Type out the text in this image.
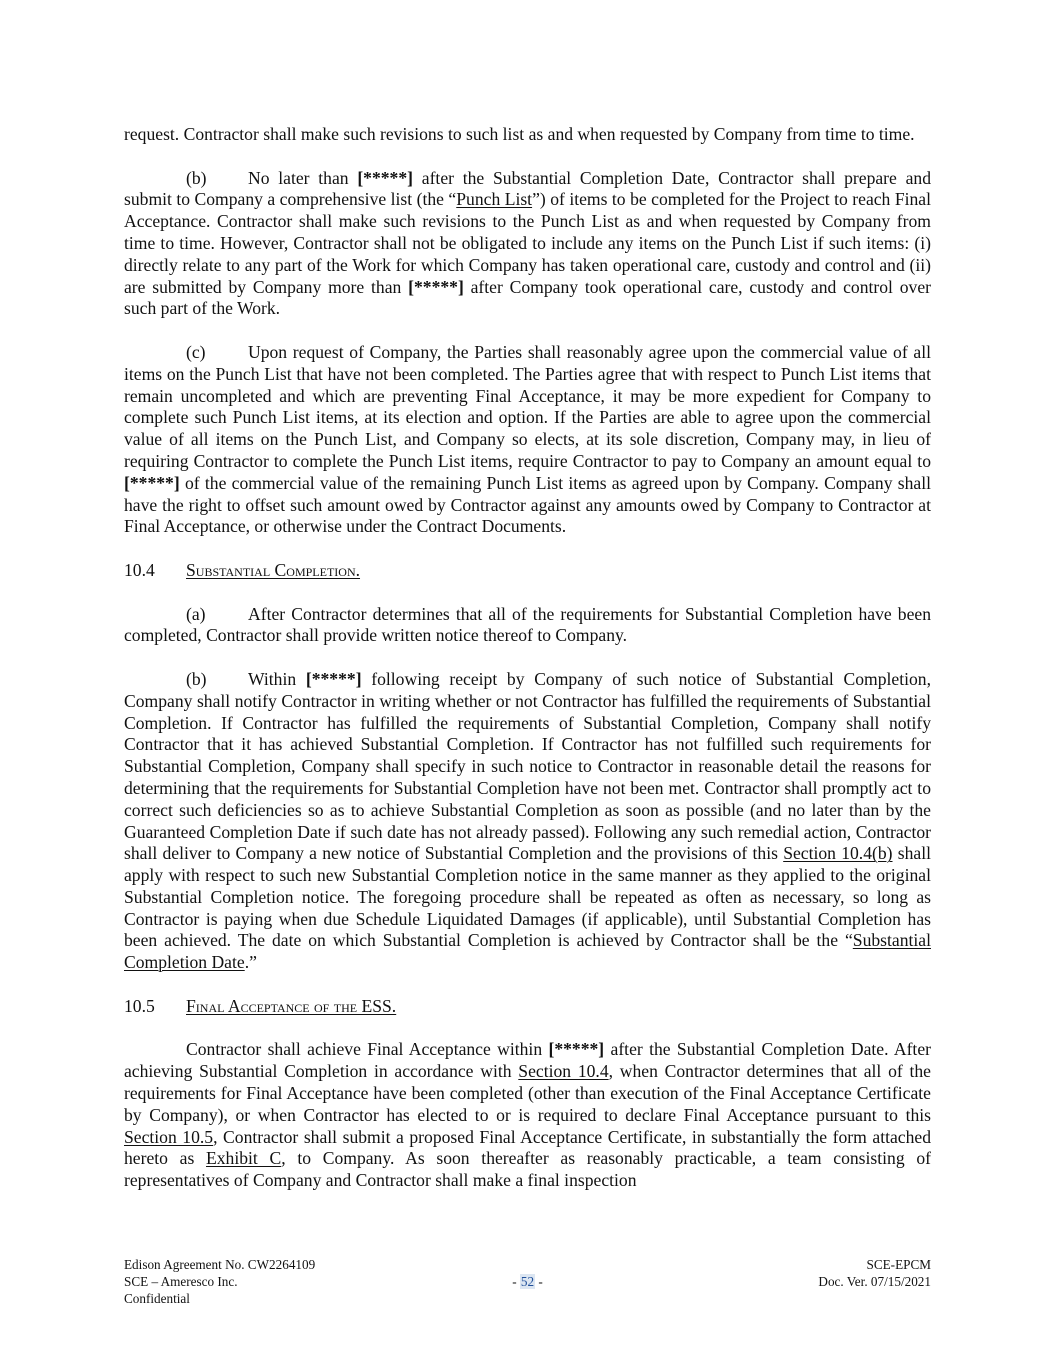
request. Contractor shall make such revisions to such list as and when requested by Company from time to time.

(b) No later than [*****] after the Substantial Completion Date, Contractor shall prepare and submit to Company a comprehensive list (the “Punch List”) of items to be completed for the Project to reach Final Acceptance. Contractor shall make such revisions to the Punch List as and when requested by Company from time to time. However, Contractor shall not be obligated to include any items on the Punch List if such items: (i) directly relate to any part of the Work for which Company has taken operational care, custody and control and (ii) are submitted by Company more than [*****] after Company took operational care, custody and control over such part of the Work.

(c) Upon request of Company, the Parties shall reasonably agree upon the commercial value of all items on the Punch List that have not been completed. The Parties agree that with respect to Punch List items that remain uncompleted and which are preventing Final Acceptance, it may be more expedient for Company to complete such Punch List items, at its election and option. If the Parties are able to agree upon the commercial value of all items on the Punch List, and Company so elects, at its sole discretion, Company may, in lieu of requiring Contractor to complete the Punch List items, require Contractor to pay to Company an amount equal to [*****] of the commercial value of the remaining Punch List items as agreed upon by Company. Company shall have the right to offset such amount owed by Contractor against any amounts owed by Company to Contractor at Final Acceptance, or otherwise under the Contract Documents.

10.4 Substantial Completion.

(a) After Contractor determines that all of the requirements for Substantial Completion have been completed, Contractor shall provide written notice thereof to Company.

(b) Within [*****] following receipt by Company of such notice of Substantial Completion, Company shall notify Contractor in writing whether or not Contractor has fulfilled the requirements of Substantial Completion. If Contractor has fulfilled the requirements of Substantial Completion, Company shall notify Contractor that it has achieved Substantial Completion. If Contractor has not fulfilled such requirements for Substantial Completion, Company shall specify in such notice to Contractor in reasonable detail the reasons for determining that the requirements for Substantial Completion have not been met. Contractor shall promptly act to correct such deficiencies so as to achieve Substantial Completion as soon as possible (and no later than by the Guaranteed Completion Date if such date has not already passed). Following any such remedial action, Contractor shall deliver to Company a new notice of Substantial Completion and the provisions of this Section 10.4(b) shall apply with respect to such new Substantial Completion notice in the same manner as they applied to the original Substantial Completion notice. The foregoing procedure shall be repeated as often as necessary, so long as Contractor is paying when due Schedule Liquidated Damages (if applicable), until Substantial Completion has been achieved. The date on which Substantial Completion is achieved by Contractor shall be the “Substantial Completion Date.”

10.5 Final Acceptance of the ESS.

Contractor shall achieve Final Acceptance within [*****] after the Substantial Completion Date. After achieving Substantial Completion in accordance with Section 10.4, when Contractor determines that all of the requirements for Final Acceptance have been completed (other than execution of the Final Acceptance Certificate by Company), or when Contractor has elected to or is required to declare Final Acceptance pursuant to this Section 10.5, Contractor shall submit a proposed Final Acceptance Certificate, in substantially the form attached hereto as Exhibit C, to Company. As soon thereafter as reasonably practicable, a team consisting of representatives of Company and Contractor shall make a final inspection

Edison Agreement No. CW2264109
SCE – Ameresco Inc.
Confidential
- 52 -
SCE-EPCM
Doc. Ver. 07/15/2021
